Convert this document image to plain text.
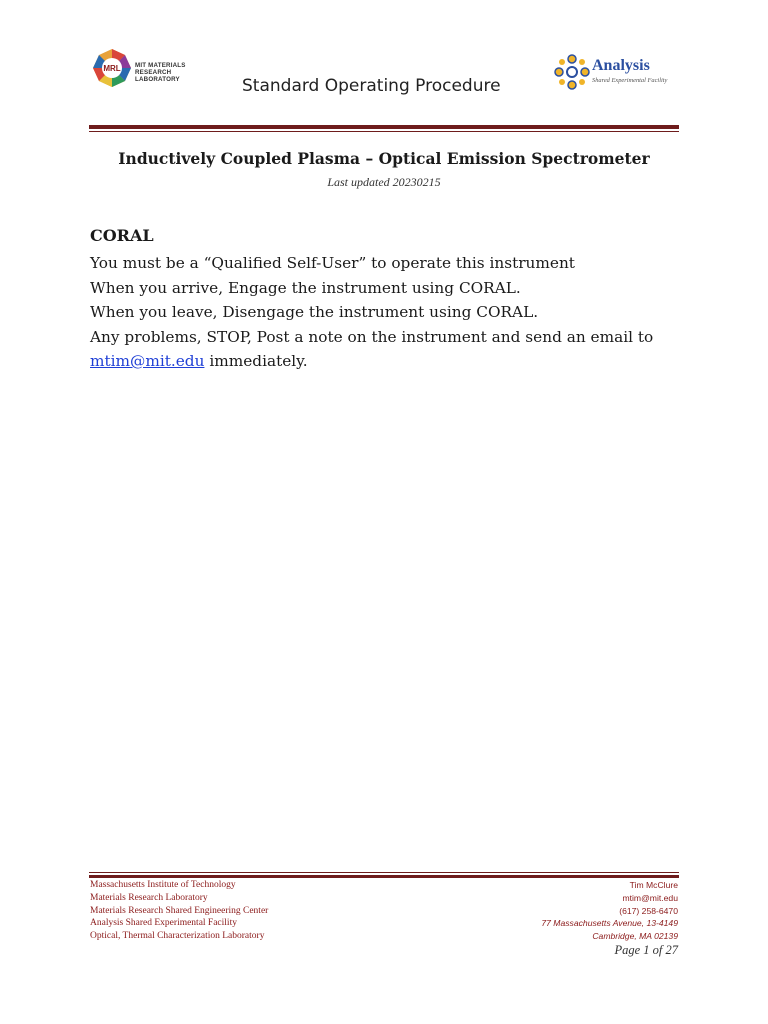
MRL MIT MATERIALS
RESEARCH
LABORATORY	Standard Operating Procedure
Analysis
Shared Experimental Facility
Inductively Coupled Plasma – Optical Emission Spectrometer
Last updated 20230215

CORAL

You must be a “Qualified Self-User” to operate this instrument

When you arrive, Engage the instrument using CORAL.

When you leave, Disengage the instrument using CORAL.

Any problems, STOP, Post a note on the instrument and send an email to

mtim@mit.edu immediately.

Massachusetts Institute of Technology
Materials Research Laboratory
Materials Research Shared Engineering Center
Analysis Shared Experimental Facility
Optical, Thermal Characterization Laboratory
Tim McClure
mtim@mit.edu
(617) 258-6470
77 Massachusetts Avenue, 13-4149
Cambridge, MA 02139
Page 1 of 27
